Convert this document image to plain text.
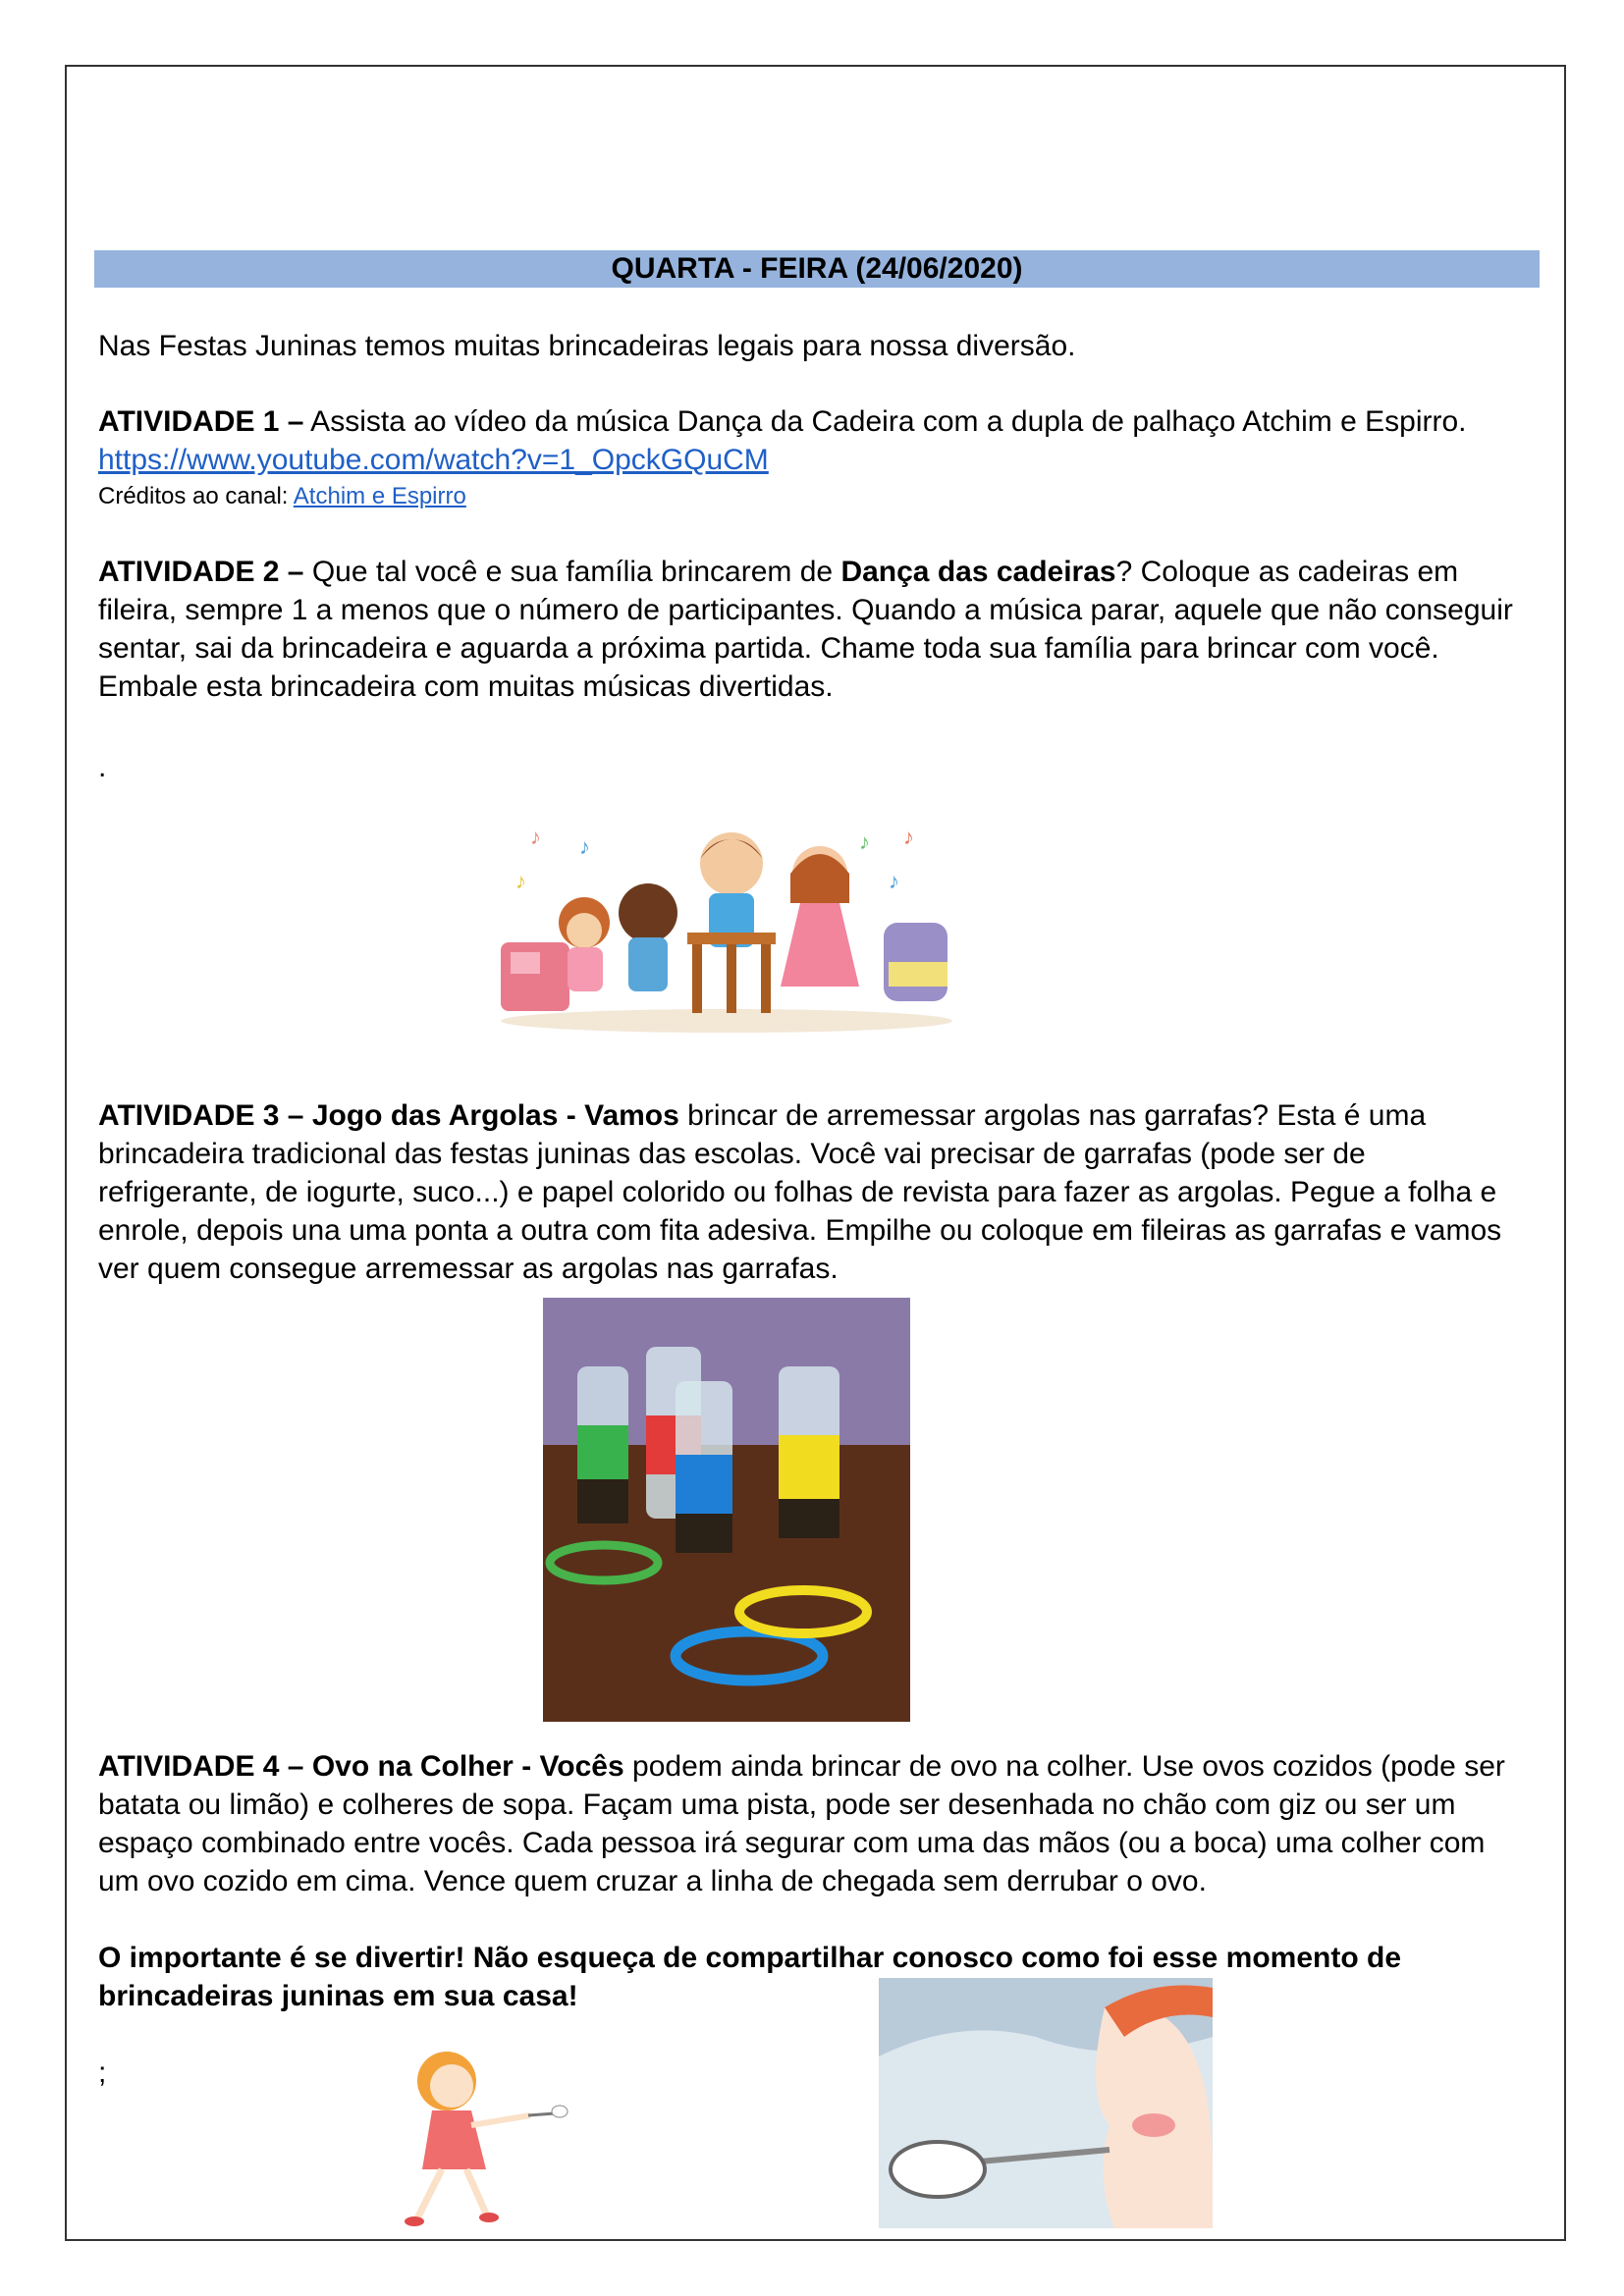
QUARTA - FEIRA (24/06/2020)

Nas Festas Juninas temos muitas brincadeiras legais para nossa diversão.

ATIVIDADE 1 – Assista ao vídeo da música Dança da Cadeira com a dupla de palhaço Atchim e Espirro. https://www.youtube.com/watch?v=1_OpckGQuCM

Créditos ao canal: Atchim e Espirro

ATIVIDADE 2 – Que tal você e sua família brincarem de Dança das cadeiras? Coloque as cadeiras em fileira, sempre 1 a menos que o número de participantes. Quando a música parar, aquele que não conseguir sentar, sai da brincadeira e aguarda a próxima partida. Chame toda sua família para brincar com você. Embale esta brincadeira com muitas músicas divertidas.

.

♪ ♪
♪
♪ ♪
♪

ATIVIDADE 3 – Jogo das Argolas - Vamos brincar de arremessar argolas nas garrafas? Esta é uma brincadeira tradicional das festas juninas das escolas. Você vai precisar de garrafas (pode ser de refrigerante, de iogurte, suco...) e papel colorido ou folhas de revista para fazer as argolas. Pegue a folha e enrole, depois una uma ponta a outra com fita adesiva. Empilhe ou coloque em fileiras as garrafas e vamos ver quem consegue arremessar as argolas nas garrafas.

ATIVIDADE 4 – Ovo na Colher - Vocês podem ainda brincar de ovo na colher. Use ovos cozidos (pode ser batata ou limão) e colheres de sopa. Façam uma pista, pode ser desenhada no chão com giz ou ser um espaço combinado entre vocês. Cada pessoa irá segurar com uma das mãos (ou a boca) uma colher com um ovo cozido em cima. Vence quem cruzar a linha de chegada sem derrubar o ovo.

O importante é se divertir! Não esqueça de compartilhar conosco como foi esse momento de brincadeiras juninas em sua casa!

;
